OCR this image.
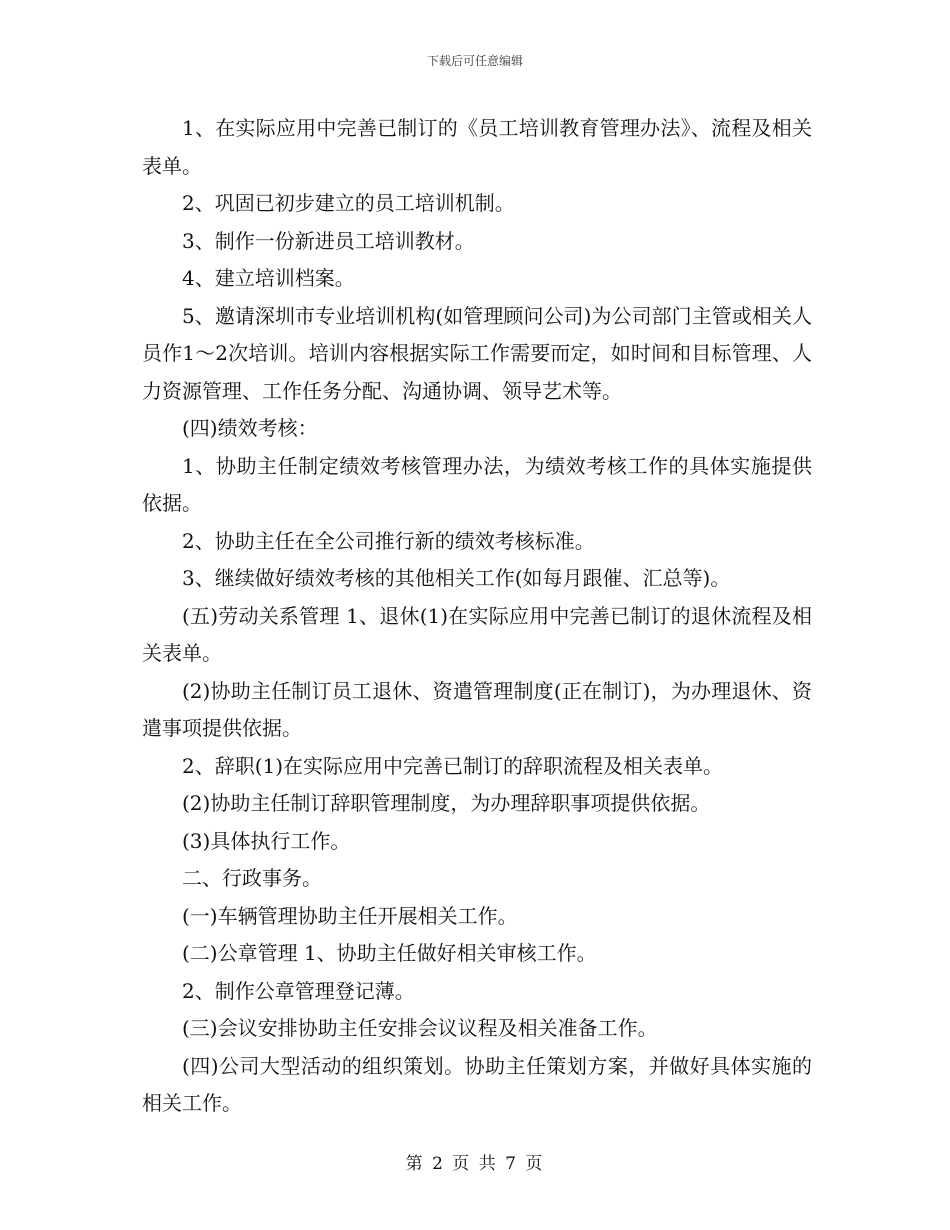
下载后可任意编辑

1、在实际应用中完善已制订的《员工培训教育管理办法》、流程及相关表单。

2、巩固已初步建立的员工培训机制。

3、制作一份新进员工培训教材。

4、建立培训档案。

5、邀请深圳市专业培训机构(如管理顾问公司)为公司部门主管或相关人员作1～2次培训。培训内容根据实际工作需要而定，如时间和目标管理、人力资源管理、工作任务分配、沟通协调、领导艺术等。

(四)绩效考核：

1、协助主任制定绩效考核管理办法，为绩效考核工作的具体实施提供依据。

2、协助主任在全公司推行新的绩效考核标准。

3、继续做好绩效考核的其他相关工作(如每月跟催、汇总等)。

(五)劳动关系管理 1、退休(1)在实际应用中完善已制订的退休流程及相关表单。

(2)协助主任制订员工退休、资遣管理制度(正在制订)，为办理退休、资遣事项提供依据。

2、辞职(1)在实际应用中完善已制订的辞职流程及相关表单。

(2)协助主任制订辞职管理制度，为办理辞职事项提供依据。

(3)具体执行工作。

二、行政事务。

(一)车辆管理协助主任开展相关工作。

(二)公章管理 1、协助主任做好相关审核工作。

2、制作公章管理登记薄。

(三)会议安排协助主任安排会议议程及相关准备工作。

(四)公司大型活动的组织策划。协助主任策划方案，并做好具体实施的相关工作。

第 2 页 共 7 页
